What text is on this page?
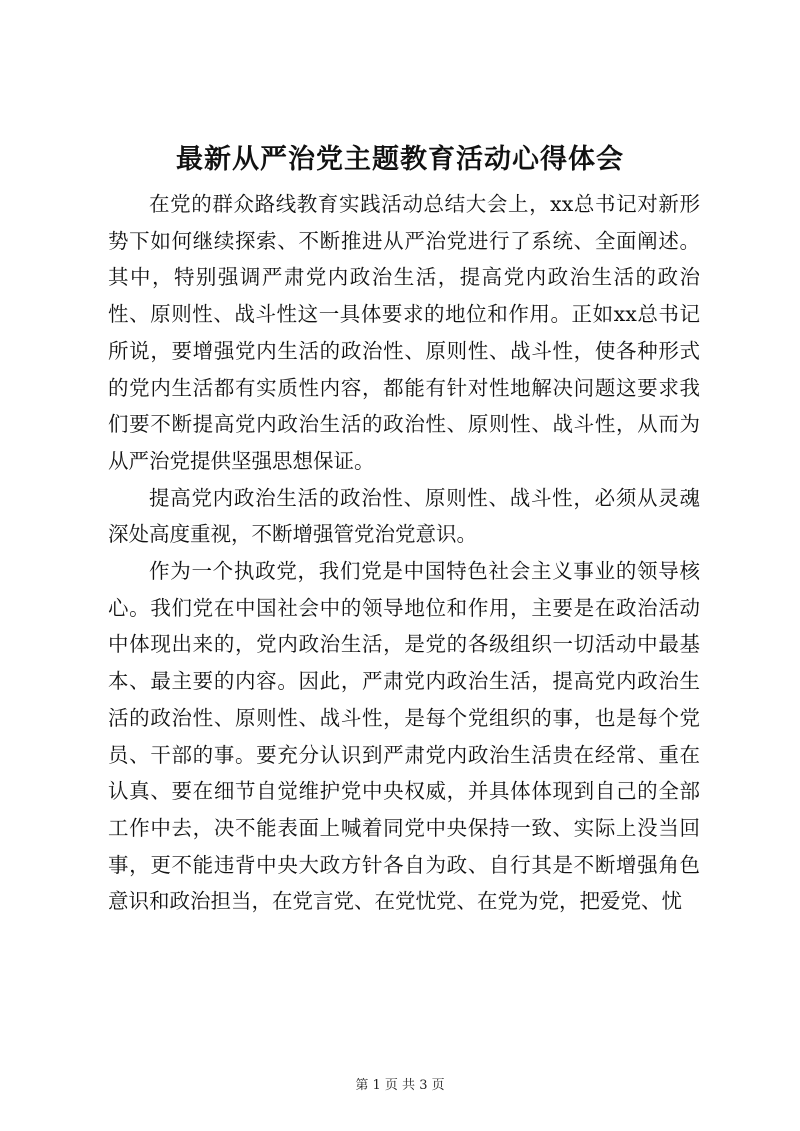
最新从严治党主题教育活动心得体会

在党的群众路线教育实践活动总结大会上，xx总书记对新形势下如何继续探索、不断推进从严治党进行了系统、全面阐述。其中，特别强调严肃党内政治生活，提高党内政治生活的政治性、原则性、战斗性这一具体要求的地位和作用。正如xx总书记所说，要增强党内生活的政治性、原则性、战斗性，使各种形式的党内生活都有实质性内容，都能有针对性地解决问题这要求我们要不断提高党内政治生活的政治性、原则性、战斗性，从而为从严治党提供坚强思想保证。

提高党内政治生活的政治性、原则性、战斗性，必须从灵魂深处高度重视，不断增强管党治党意识。

作为一个执政党，我们党是中国特色社会主义事业的领导核心。我们党在中国社会中的领导地位和作用，主要是在政治活动中体现出来的，党内政治生活，是党的各级组织一切活动中最基本、最主要的内容。因此，严肃党内政治生活，提高党内政治生活的政治性、原则性、战斗性，是每个党组织的事，也是每个党员、干部的事。要充分认识到严肃党内政治生活贵在经常、重在认真、要在细节自觉维护党中央权威，并具体体现到自己的全部工作中去，决不能表面上喊着同党中央保持一致、实际上没当回事，更不能违背中央大政方针各自为政、自行其是不断增强角色意识和政治担当，在党言党、在党忧党、在党为党，把爱党、忧

第 1 页 共 3 页
